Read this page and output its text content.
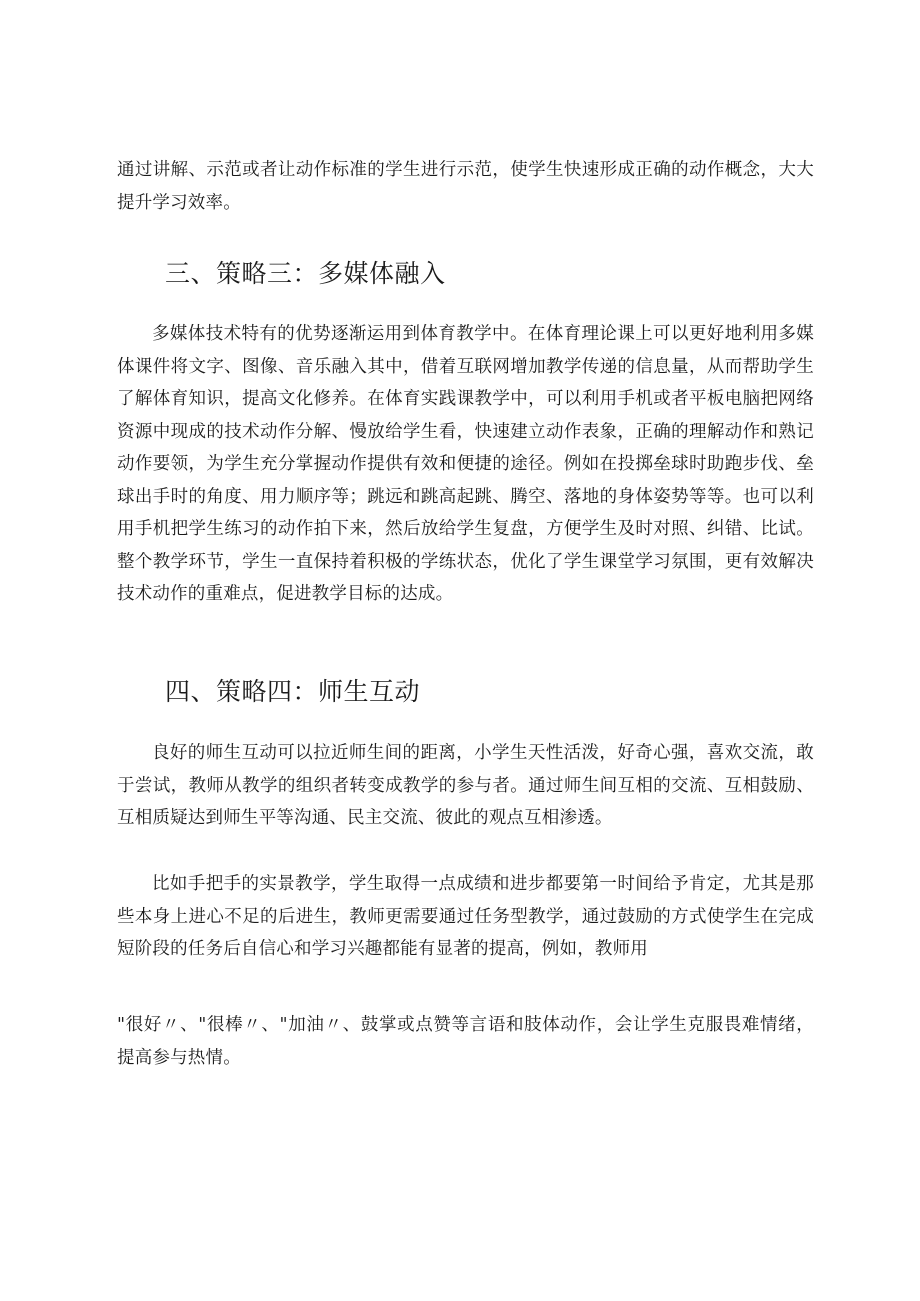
通过讲解、示范或者让动作标准的学生进行示范，使学生快速形成正确的动作概念，大大提升学习效率。

三、策略三：多媒体融入

多媒体技术特有的优势逐渐运用到体育教学中。在体育理论课上可以更好地利用多媒体课件将文字、图像、音乐融入其中，借着互联网增加教学传递的信息量，从而帮助学生了解体育知识，提高文化修养。在体育实践课教学中，可以利用手机或者平板电脑把网络资源中现成的技术动作分解、慢放给学生看，快速建立动作表象，正确的理解动作和熟记动作要领，为学生充分掌握动作提供有效和便捷的途径。例如在投掷垒球时助跑步伐、垒球出手时的角度、用力顺序等；跳远和跳高起跳、腾空、落地的身体姿势等等。也可以利用手机把学生练习的动作拍下来，然后放给学生复盘，方便学生及时对照、纠错、比试。整个教学环节，学生一直保持着积极的学练状态，优化了学生课堂学习氛围，更有效解决技术动作的重难点，促进教学目标的达成。

四、策略四：师生互动

良好的师生互动可以拉近师生间的距离，小学生天性活泼，好奇心强，喜欢交流，敢于尝试，教师从教学的组织者转变成教学的参与者。通过师生间互相的交流、互相鼓励、互相质疑达到师生平等沟通、民主交流、彼此的观点互相渗透。

比如手把手的实景教学，学生取得一点成绩和进步都要第一时间给予肯定，尤其是那些本身上进心不足的后进生，教师更需要通过任务型教学，通过鼓励的方式使学生在完成短阶段的任务后自信心和学习兴趣都能有显著的提高，例如，教师用

"很好〃、"很棒〃、"加油〃、鼓掌或点赞等言语和肢体动作，会让学生克服畏难情绪，提高参与热情。
